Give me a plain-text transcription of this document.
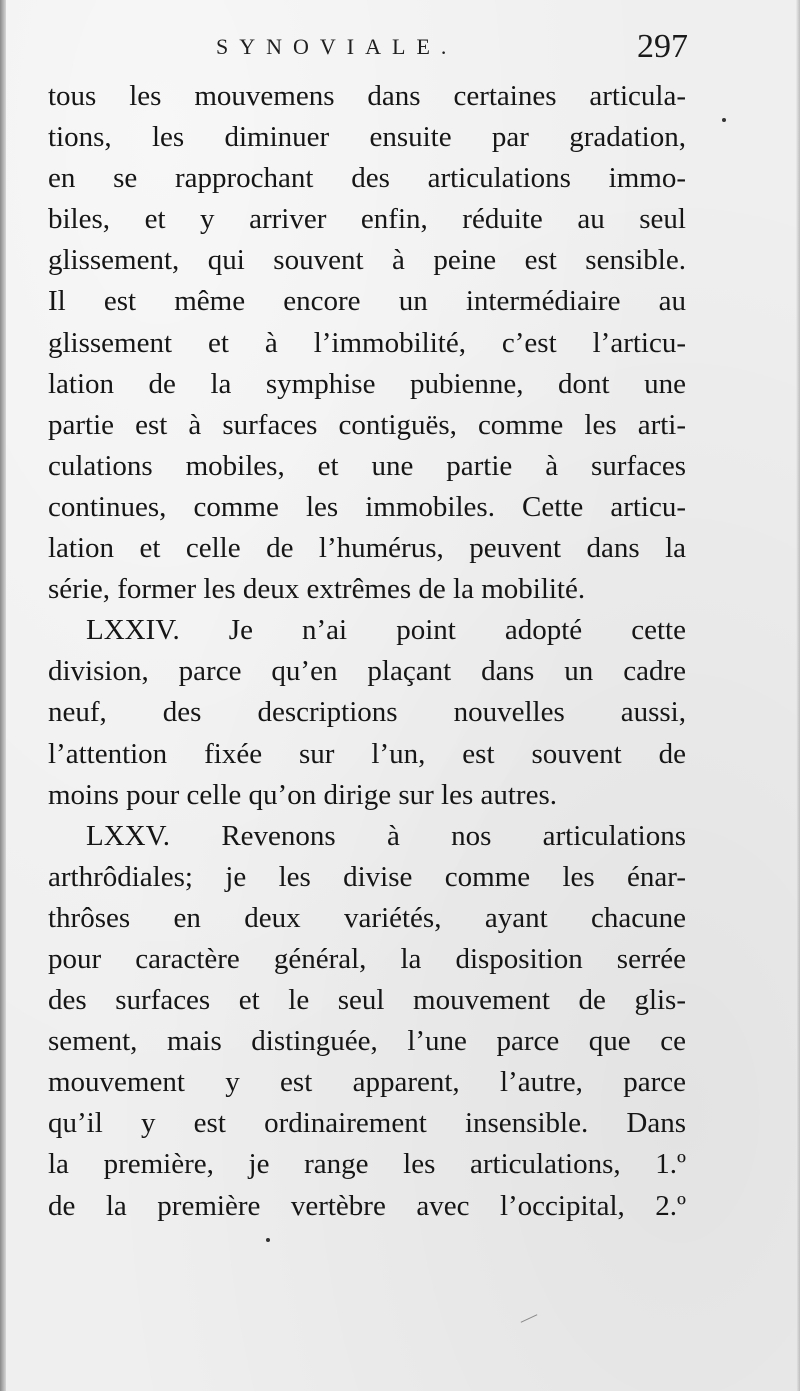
SYNOVIALE.	297
tous les mouvemens dans certaines articula-
tions, les diminuer ensuite par gradation,
en se rapprochant des articulations immo-
biles, et y arriver enfin, réduite au seul
glissement, qui souvent à peine est sensible.
Il est même encore un intermédiaire au
glissement et à l’immobilité, c’est l’articu-
lation de la symphise pubienne, dont une
partie est à surfaces contiguës, comme les arti-
culations mobiles, et une partie à surfaces
continues, comme les immobiles. Cette articu-
lation et celle de l’humérus, peuvent dans la
série, former les deux extrêmes de la mobilité.
LXXIV. Je n’ai point adopté cette
division, parce qu’en plaçant dans un cadre
neuf, des descriptions nouvelles aussi,
l’attention fixée sur l’un, est souvent de
moins pour celle qu’on dirige sur les autres.
LXXV. Revenons à nos articulations
arthrôdiales; je les divise comme les énar-
thrôses en deux variétés, ayant chacune
pour caractère général, la disposition serrée
des surfaces et le seul mouvement de glis-
sement, mais distinguée, l’une parce que ce
mouvement y est apparent, l’autre, parce
qu’il y est ordinairement insensible. Dans
la première, je range les articulations, 1.º
de la première vertèbre avec l’occipital, 2.º
